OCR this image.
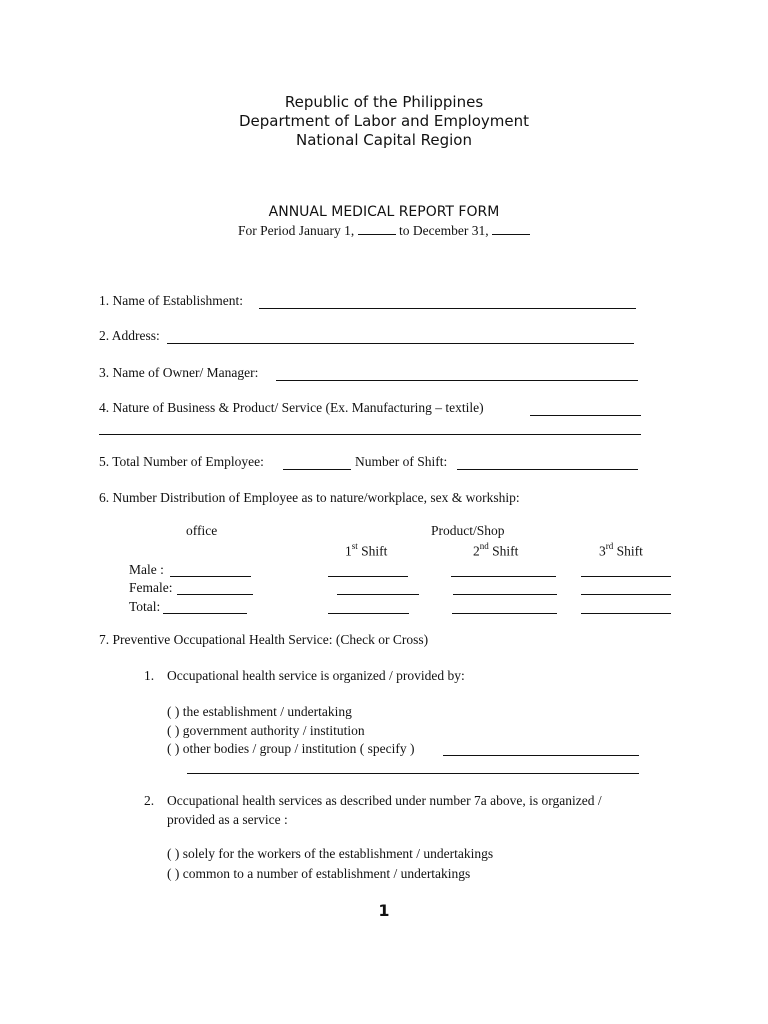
Republic of the Philippines
Department of Labor and Employment
National Capital Region
ANNUAL MEDICAL REPORT FORM
For Period January 1,	to December 31,
1. Name of Establishment:
2. Address:
3. Name of Owner/ Manager:
4. Nature of Business & Product/ Service (Ex. Manufacturing – textile)
5. Total Number of Employee:	Number of Shift:
6. Number Distribution of Employee as to nature/workplace, sex & workship:
office	Product/Shop
1st Shift	2nd Shift	3rd Shift
Male :
Female:
Total:
7. Preventive Occupational Health Service: (Check or Cross)
1. Occupational health service is organized / provided by:
( ) the establishment / undertaking
( ) government authority / institution
( ) other bodies / group / institution ( specify )
2. Occupational health services as described under number 7a above, is organized /
provided as a service :
( ) solely for the workers of the establishment / undertakings
( ) common to a number of establishment / undertakings
1
